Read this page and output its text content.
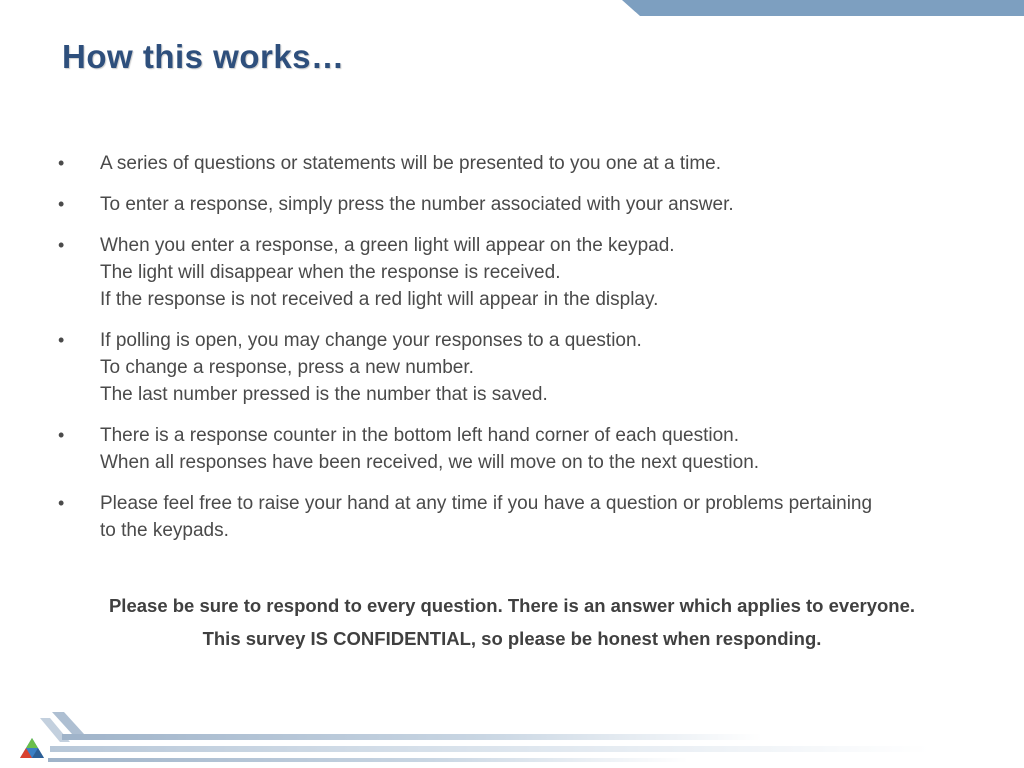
How this works…
• A series of questions or statements will be presented to you one at a time.
• To enter a response, simply press the number associated with your answer.
• When you enter a response, a green light will appear on the keypad.
The light will disappear when the response is received.
If the response is not received a red light will appear in the display.
• If polling is open, you may change your responses to a question.
To change a response, press a new number.
The last number pressed is the number that is saved.
• There is a response counter in the bottom left hand corner of each question.
When all responses have been received, we will move on to the next question.
• Please feel free to raise your hand at any time if you have a question or problems pertaining
to the keypads.
Please be sure to respond to every question. There is an answer which applies to everyone.
This survey IS CONFIDENTIAL, so please be honest when responding.
